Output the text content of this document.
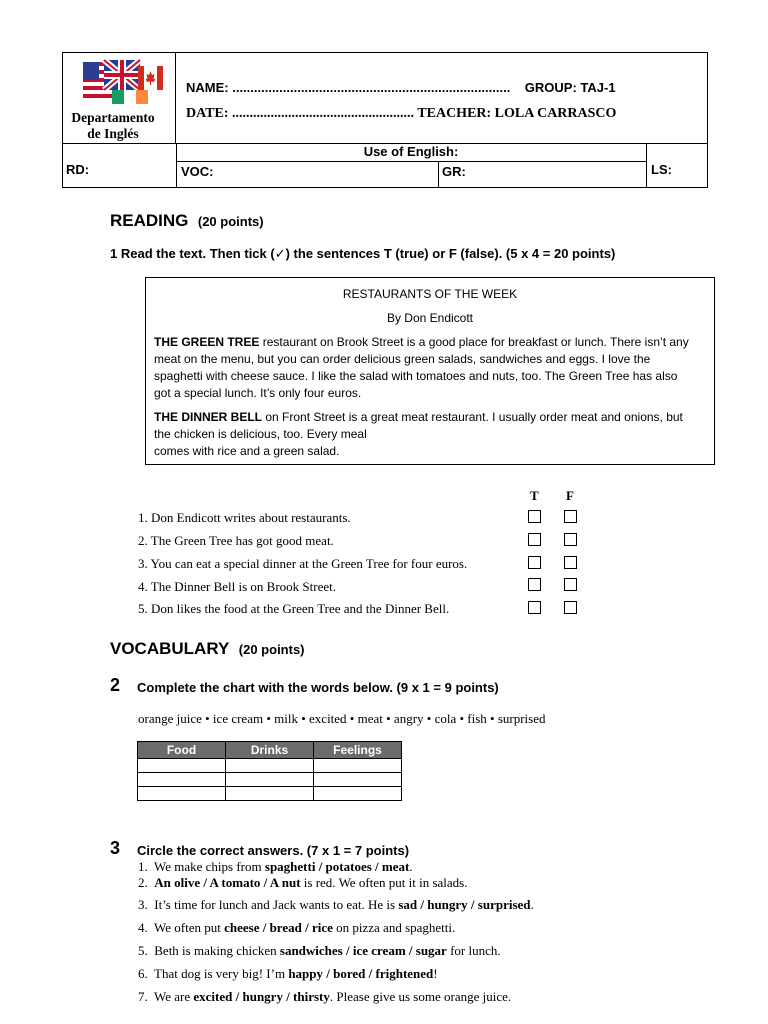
Departamento
de Inglés
NAME: ............................................................................. GROUP: TAJ-1
DATE: .................................................... TEACHER: LOLA CARRASCO
Use of English:
RD:	VOC:	GR:	LS:
READING (20 points)
1 Read the text. Then tick (✓) the sentences T (true) or F (false). (5 x 4 = 20 points)
RESTAURANTS OF THE WEEK
By Don Endicott
THE GREEN TREE restaurant on Brook Street is a good place for breakfast or lunch. There isn’t any
meat on the menu, but you can order delicious green salads, sandwiches and eggs. I love the
spaghetti with cheese sauce. I like the salad with tomatoes and nuts, too. The Green Tree has also
got a special lunch. It’s only four euros.
THE DINNER BELL on Front Street is a great meat restaurant. I usually order meat and onions, but
the chicken is delicious, too. Every meal
comes with rice and a green salad.
T F
1. Don Endicott writes about restaurants.
2. The Green Tree has got good meat.
3. You can eat a special dinner at the Green Tree for four euros.
4. The Dinner Bell is on Brook Street.
5. Don likes the food at the Green Tree and the Dinner Bell.
VOCABULARY (20 points)
2 Complete the chart with the words below. (9 x 1 = 9 points)
orange juice • ice cream • milk • excited • meat • angry • cola • fish • surprised
Food	Drinks	Feelings

3 Circle the correct answers. (7 x 1 = 7 points)
1. We make chips from spaghetti / potatoes / meat.
2. An olive / A tomato / A nut is red. We often put it in salads.
3. It’s time for lunch and Jack wants to eat. He is sad / hungry / surprised.
4. We often put cheese / bread / rice on pizza and spaghetti.
5. Beth is making chicken sandwiches / ice cream / sugar for lunch.
6. That dog is very big! I’m happy / bored / frightened!
7. We are excited / hungry / thirsty. Please give us some orange juice.
